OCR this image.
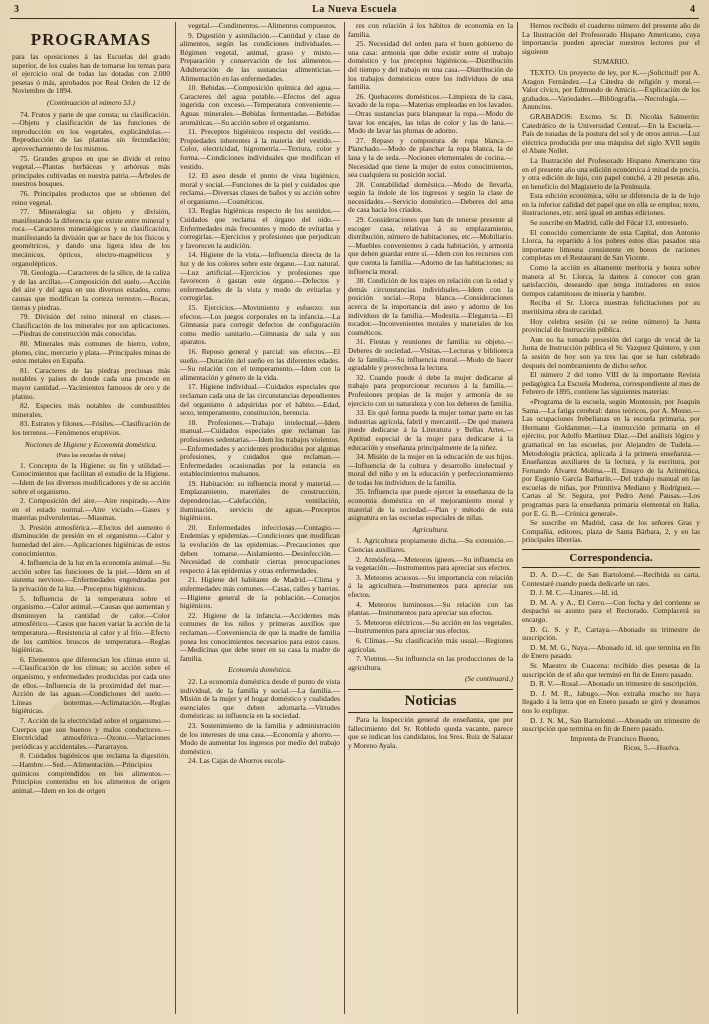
3	La Nueva Escuela	4
PROGRAMAS

para las oposiciones á las Escuelas del grado superior, de los cuales han de tomarse los temas para el ejercicio oral de todas las dotadas con 2.000 pesetas ó más, aprobados por Real Orden de 12 de Noviembre de 1894.

(Continuación al número 53.)

74. Frutos y parte de que consta; su clasificación.—Objeto y clasificación de las funciones de reproducción en los vegetales, explicándolas.—Reproducción de las plantas sin fecundación; aprovechamiento de los mismos.

75. Grandes grupos en que se divide el reino vegetal.—Plantas herbáceas y arbóreas más principales cultivadas en nuestra patria.—Árboles de nuestros bosques.

76. Principales productos que se obtienen del reino vegetal.

77. Mineralogía: su objeto y división, manifestando la diferencia que existe entre mineral y roca.—Caracteres mineralógicos y su clasificación, manifestando la división que se hace de los físicos y geométricos, y dando una ligera idea de los mecánicos, ópticos, electro-magnéticos y organolépticos.

78. Geología.—Caracteres de la sílice, de la caliza y de las arcillas.—Composición del suelo.—Acción del aire y del agua en sus diversos estados, como causas que modifican la corteza terrestre.—Rocas, tierras y piedras.

79. División del reino mineral en clases.—Clasificación de los minerales por sus aplicaciones.—Piedras de construcción más conocidas.

80. Minerales más comunes de hierro, cobre, plomo, cinc, mercurio y plata.—Principales minas de estos metales en España.

81. Caracteres de las piedras preciosas más notables y países de donde cada una procede en mayor cantidad.—Yacimientos famosos de oro y de platino.

82. Especies más notables de combustibles minerales.

83. Estratos y filones.—Fósiles.—Clasificación de los terrenos.—Fenómenos eruptivos.

Nociones de Higiene y Economía doméstica.
(Para las escuelas de niñas)

1. Concepto de la Higiene: su fin y utilidad.—Conocimientos que facilitan el estudio de la Higiene.—Idem de los diversos modificadores y de su acción sobre el organismo.

2. Composición del aire.—Aire respirado.—Aire en el estado normal.—Aire viciado.—Gases y materias pulverulentas.—Miasmas.

3. Presión atmosférica.—Efectos del aumento ó disminución de presión en el organismo.—Calor y humedad del aire.—Aplicaciones higiénicas de estos conocimientos.

4. Influencia de la luz en la economía animal.—Su acción sobre las funciones de la piel.—Idem en el sistema nervioso.—Enfermedades engendradas por la privación de la luz.—Preceptos higiénicos.

5. Influencia de la temperatura sobre el organismo.—Calor animal.—Causas que aumentan y disminuyen la cantidad de calor.—Color atmosférico.—Casos que hacen variar la acción de la temperatura.—Resistencia al calor y al frío.—Efecto de los cambios bruscos de temperatura.—Reglas higiénicas.

6. Elementos que diferencian los climas entre sí.—Clasificación de los climas; su acción sobre el organismo, y enfermedades producidas por cada uno de ellos.—Influencia de la proximidad del mar.—Acción de las aguas.—Condiciones del suelo.—Líneas isotermas.—Aclimatación.—Reglas higiénicas.

7. Acción de la electricidad sobre el organismo.—Cuerpos que son buenos y malos conductores.—Electricidad atmosférica.—Ozono.—Variaciones periódicas y accidentales.—Pararrayos.

8. Cuidados higiénicos que reclama la digestión.—Hambre.—Sed.—Alimentación.—Principios químicos comprendidos en los alimentos.—Principios contenidos en los alimentos de origen animal.—Idem en los de origen

vegetal.—Condimentos.—Alimentos compuestos.

9. Digestión y asimilación.—Cantidad y clase de alimentos, según las condiciones individuales.—Régimen vegetal, animal, graso y mixto.—Preparación y conservación de los alimentos.—Adulteración de las sustancias alimenticias.—Alimentación en las enfermedades.

10. Bebidas.—Composición química del agua.—Caracteres del agua potable.—Efectos del agua ingerida con exceso.—Temperatura conveniente.—Aguas minerales.—Bebidas fermentadas.—Bebidas aromáticas.—Su acción sobre el organismo.

11. Preceptos higiénicos respecto del vestido.—Propiedades inherentes á la materia del vestido.—Color, electricidad, higrometría.—Textura, color y forma.—Condiciones individuales que modifican el vestido.

12. El aseo desde el punto de vista higiénico, moral y social.—Funciones de la piel y cuidados que reclama.—Diversas clases de baños y su acción sobre el organismo.—Cosméticos.

13. Reglas higiénicas respecto de los sentidos.—Cuidados que reclama el órgano del oído.—Enfermedades más frecuentes y modo de evitarlas y corregirlas.—Ejercicios y profesiones que perjudican y favorecen la audición.

14. Higiene de la vista.—Influencia directa de la luz y de los colores sobre este órgano.—Luz natural.—Luz artificial.—Ejercicios y profesiones que favorecen ó gastan este órgano.—Defectos y enfermedades de la vista y modo de evitarlas y corregirlas.

15. Ejercicios.—Movimiento y esfuerzo: sus efectos.—Los juegos corporales en la infancia.—La Gimnasia para corregir defectos de configuración como medio sanitario.—Gimnasia de sala y sus aparatos.

16. Reposo general y parcial: sus efectos.—El sueño.—Duración del sueño en las diferentes edades.—Su relación con el temperamento.—Idem con la alimentación y género de la vida.

17. Higiene individual.—Cuidados especiales que reclaman cada una de las circunstancias dependientes del organismo ó adquiridas por el hábito.—Edad, sexo, temperamento, constitución, herencia.

18. Profesiones.—Trabajo intelectual.—Idem manual.—Cuidados especiales que reclaman las profesiones sedentarias.—Idem los trabajos violentos.—Enfermedades y accidentes producidos por algunas profesiones, y cuidados que reclaman.—Enfermedades ocasionadas por la estancia en establecimientos malsanos.

19. Habitación: su influencia moral y material.—Emplazamiento, materiales de construcción, dependencias.—Calefacción, ventilación, iluminación, servicio de aguas.—Preceptos higiénicos.

20. Enfermedades infecciosas.—Contagio.—Endemias y epidemias.—Condiciones que modifican la evolución de las epidemias.—Precauciones que deben tomarse.—Aislamiento.—Desinfección.—Necesidad de combatir ciertas preocupaciones respecto á las epidemias y otras enfermedades.

21. Higiene del habitante de Madrid.—Clima y enfermedades más comunes.—Casas, calles y barrios.—Higiene general de la población.—Consejos higiénicos.

22. Higiene de la infancia.—Accidentes más comunes de los niños y primeras auxilios que reclaman.—Conveniencia de que la madre de familia posea los conocimientos necesarios para estos casos.—Medicinas que debe tener en su casa la madre de familia.

Economía doméstica.

22. La economía doméstica desde el punto de vista individual, de la familia y social.—La familia.—Misión de la mujer y el hogar doméstico y cualidades esenciales que deben adornarla.—Virtudes domésticas: su influencia en la sociedad.

23. Sostenimiento de la familia y administración de los intereses de una casa.—Economía y ahorro.—Modo de aumentar los ingresos por medio del trabajo doméstico.

24. Las Cajas de Ahorros escola-

res con relación á los hábitos de economía en la familia.

25. Necesidad del orden para el buen gobierno de una casa: armonía que debe existir entre el trabajo doméstico y los preceptos higiénicos.—Distribución del tiempo y del trabajo en una casa.—Distribución de los trabajos domésticos entre los individuos de una familia.

26. Quehaceres domésticos.—Limpieza de la casa, lavado de la ropa.—Materias empleadas en los lavados.—Otras sustancias para blanquear la ropa.—Modo de lavar los encajes, las telas de color y las de lana.—Modo de lavar las plumas de adorno.

27. Repaso y compostura de ropa blanca.—Planchado.—Modo de planchar la ropa blanca, la de lana y la de seda.—Nociones elementales de cocina.—Necesidad que tiene la mujer de estos conocimientos, sea cualquiera su posición social.

28. Contabilidad doméstica.—Modo de llevarla, según la índole de los ingresos y según la clase de necesidades.—Servicio doméstico.—Deberes del ama de casa hacia los criados.

29. Consideraciones que han de tenerse presente al escoger casa, relativas á su emplazamiento, distribución, número de habitaciones, etc.—Mobiliario.—Muebles convenientes á cada habitación, y armonía que deben guardar entre sí.—Idem con los recursos con que cuenta la familia.—Adorno de las habitaciones; su influencia moral.

30. Condición de los trajes en relación con la edad y demás circunstancias individuales.—Idem con la posición social.—Ropa blanca.—Consideraciones acerca de la importancia del aseo y adorno de los individuos de la familia.—Modestia.—Elegancia.—El tocador.—Inconvenientes morales y materiales de los cosméticos.

31. Fiestas y reuniones de familia: su objeto.—Deberes de sociedad.—Visitas.—Lecturas y biblioteca de la familia.—Su influencia moral.—Modo de hacer agradable y provechosa la lectura.

32. Cuando puede ó debe la mujer dedicarse al trabajo para proporcionar recursos á la familia.—Profesiones propias de la mujer y armonía de su ejercicio con su naturaleza y con los deberes de familia.

33. En qué forma puede la mujer tomar parte en las industrias agrícola, fabril y mercantil.—De qué manera puede dedicarse á la Literatura y Bellas Artes.—Aptitud especial de la mujer para dedicarse á la educación y enseñanza principalmente de la niñez.

34. Misión de la mujer en la educación de sus hijos.—Influencia de la cultura y desarrollo intelectual y moral del niño y en la educación y perfeccionamiento de todas los individuos de la familia.

35. Influencia que puede ejercer la enseñanza de la economía doméstica en el mejoramiento moral y material de la sociedad.—Plan y método de esta asignatura en las escuelas especiales de niñas.

Agricultura.

1. Agricultura propiamente dicha.—Su extensión.—Ciencias auxiliares.

2. Atmósfera.—Meteoros ígneos.—Su influencia en la vegetación.—Instrumentos para apreciar sus efectos.

3. Meteoros acuosos.—Su importancia con relación á la agricultura.—Instrumentos para apreciar sus efectos.

4. Meteoros luminosos.—Su relación con las plantas.—Instrumentos para apreciar sus efectos.

5. Meteoros eléctricos.—Su acción en los vegetales.—Instrumentos para apreciar sus efectos.

6. Climas.—Su clasificación más usual.—Regiones agrícolas.

7. Vientos.—Su influencia en las producciones de la agricultura.

(Se continuará.)
Noticias

Para la Inspección general de enseñanza, que por fallecimiento del Sr. Robledo queda vacante, parece que se indican los candidatos, los Sres. Ruiz de Salazar y Moreno Ayala.

Hemos recibido el cuaderno número del presente año de La Ilustración del Profesorado Hispano Americano, cuya importancia pueden apreciar nuestros lectores por el siguiente

SUMARIO.

TEXTO: Un proyecto de ley, por K.—¡Solicitud! por A. Aragon Fernández.—La Cátedra de religión y moral.—Valor cívico, por Edmundo de Amicis.—Explicación de los grabados.—Variedades.—Bibliografía.—Necrología.—Anuncios.

GRABADOS: Excmo. Sr. D. Nicolás Salmerón: Catedrático de la Universidad Central.—En la Escuela.—País de tonadas de la postura del sol y de otros astros.—Luz eléctrica producida por una máquina del siglo XVII según el Abate Nollet.

La Ilustración del Profesorado Hispano Americano tira en el presente año una edición económica á mitad de precio, y otra edición de lujo, con papel couché, á 20 pesetas año, en beneficio del Magisterio de la Península.

Esta edición económica, sólo se diferencia de la de lujo en la inferior calidad del papel que en ella se emplea; texto, ilustraciones, etc. será igual en ambas ediciones.

Se suscribe en Madrid, calle del Fúcar 13, entresuelo.

El conocido comerciante de esta Capital, don Antonio Llorca, ha repartido á los pobres estos días pasados una importante limosna consistente en bonos de raciones completas en el Restaurant de San Vicente.

Como la acción es altamente meritoria y honra sobre manera al Sr. Llorca, la damos á conocer con gran satisfacción, deseando que tenga imitadores en estos tiempos calamitosos de miseria y hambre.

Reciba el Sr. Llorca nuestras felicitaciones por su meritísima obra de caridad.

Hoy celebra sesión (si se reúne número) la Junta provincial de Instrucción pública.

Aun no ha tomado posesión del cargo de vocal de la Junta de Instrucción pública el Sr. Vazquez Quintero, y con la sesión de hoy son ya tres las que se han celebrado después del nombramiento de dicho señor.

El número 2 del tomo VIII de la importante Revista pedagógica La Escuela Moderna, correspondiente al mes de Febrero de 1895, contiene las siguientes materias:

«Programa de la escuela, según Montessin, por Joaquín Sama.—La fatiga cerebral: datos teóricos, por A. Mosso.—Las ocupaciones frebelianas en la escuela primaria, por Hermann Goldammer.—La instrucción primaria en el ejército, por Adolfo Martínez Díaz.—Del análisis lógico y gramatical en las escuelas, por Alejandro de Tudela.—Metodología práctica, aplicada á la primera enseñanza.—Enseñanzas auxiliares de la lectura, y la escritura, por Fernando Álvarez Molina.—II. Ensayo de la Aritmética, por Eugenio García Barbarín.—Del trabajo manual en las escuelas de niñas, por Primitiva Mediano y Rodríguez.—Cartas al Sr. Segura, por Pedro Arnó Pausas.—Los programas para la enseñanza primaria elemental en Italia, por E. G. B.—Crónica general».

Se suscribe en Madrid, casa de los señores Gras y Compañía, editores, plaza de Santa Bárbara, 2, y en las principales librerías.

Correspondencia.

D. A. D.—C. de San Bartolomé.—Recibida su carta. Contestaré cuando pueda dedicarle un rato.

D. J. M. C.—Linares.—Id. id.

D. M. A. y A., El Cerro.—Con fecha y del corriente se despachó su asunto para el Rectorado. Complacerá su encargo.

D. G. S. y P., Cartaya.—Abonado su trimestre de suscripción.

D. M. M. G., Naya.—Abonado id. id. que termina en fin de Enero pasado.

Sr. Maestro de Cuacena: recibido dies pesetas de la suscripción de el año que terminó en fin de Enero pasado.

D. R. V.—Rosal.—Abonado un trimestre de suscripción.

D. J. M. R., Jabugo.—Nos extraña mucho no haya llegado á la letra que en Enero pasado se giró y deseamos nos lo explique.

D. J. N. M., San Bartolomé.—Abonado un trimestre de suscripción que termina en fin de Enero pasado.

Imprenta de Francisco Bueno,

Ricos, 5.—Huelva.
